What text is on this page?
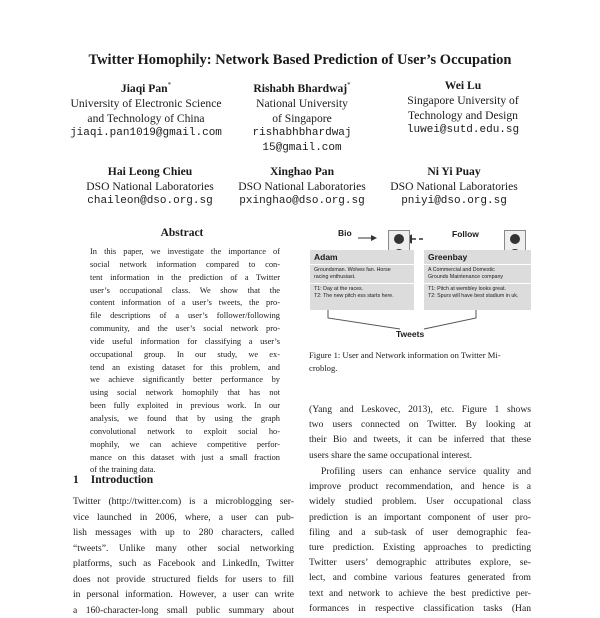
Twitter Homophily: Network Based Prediction of User’s Occupation
Jiaqi Pan*
University of Electronic Science
and Technology of China
jiaqi.pan1019@gmail.com
Rishabh Bhardwaj*
National University
of Singapore
rishabhbhardwaj
15@gmail.com
Wei Lu
Singapore University of
Technology and Design
luwei@sutd.edu.sg
Hai Leong Chieu
DSO National Laboratories
chaileon@dso.org.sg
Xinghao Pan
DSO National Laboratories
pxinghao@dso.org.sg
Ni Yi Puay
DSO National Laboratories
pniyi@dso.org.sg
Abstract
In this paper, we investigate the importance of
social network information compared to con-
tent information in the prediction of a Twitter
user’s occupational class. We show that the
content information of a user’s tweets, the pro-
file descriptions of a user’s follower/following
community, and the user’s social network pro-
vide useful information for classifying a user’s
occupational group. In our study, we ex-
tend an existing dataset for this problem, and
we achieve significantly better performance by
using social network homophily that has not
been fully exploited in previous work. In our
analysis, we found that by using the graph
convolutional network to exploit social ho-
mophily, we can achieve competitive perfor-
mance on this dataset with just a small fraction
of the training data.
1 Introduction
Twitter (http://twitter.com) is a microblogging ser-
vice launched in 2006, where, a user can pub-
lish messages with up to 280 characters, called
“tweets”. Unlike many other social networking
platforms, such as Facebook and LinkedIn, Twitter
does not provide structured fields for users to fill
in personal information. However, a user can write
a 160-character-long small public summary about
Bio	Follow
Tweets
Adam
Groundsman. Wolves fan. Horse
racing enthusiast.
T1: Day at the races.
T2: The new pitch ess starts here.
Greenbay
A Commercial and Domestic
Grounds Maintenance company
T1: Pitch at wembley looks great.
T2: Spurs will have best stadium in uk.
Figure 1: User and Network information on Twitter Mi-
croblog.
(Yang and Leskovec, 2013), etc. Figure 1 shows
two users connected on Twitter. By looking at
their Bio and tweets, it can be inferred that these
users share the same occupational interest.
Profiling users can enhance service quality and
improve product recommendation, and hence is a
widely studied problem. User occupational class
prediction is an important component of user pro-
filing and a sub-task of user demographic fea-
ture prediction. Existing approaches to predicting
Twitter users’ demographic attributes explore, se-
lect, and combine various features generated from
text and network to achieve the best predictive per-
formances in respective classification tasks (Han
